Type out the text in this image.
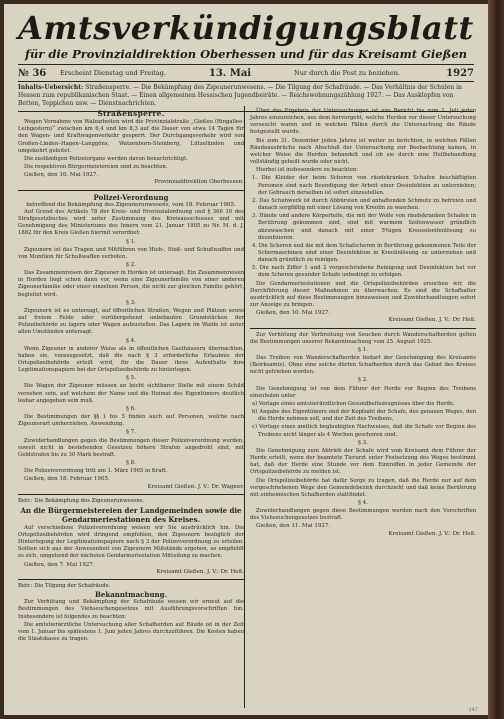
Amtsverkündigungsblatt
für die Provinzialdirektion Oberhessen und für das Kreisamt Gießen
№ 36	Erscheint Dienstag und Freitag.	13. Mai	Nur durch die Post zu beziehen.	1927
Inhalts-Uebersicht: Straßensperre. — Die Bekämpfung des Zigeunerunwesens. — Die Tilgung der Schafräude. — Das Verhältnis der Schulen in Hessen zum republikanischen Staat. — Einen allgemeinen Hessischen Jugendbeiräte. — Reichswohnungszählung 1927. — Das Ausklopfen von Betten, Teppichen usw. — Dienstnachrichten.
Straßensperre.

Wegen Vornahme von Walzarbeiten wird die Provinzialstraße „Gießen (Ringallee-Leihgestern)“ zwischen km 6,4 und km 8,3 auf die Dauer von etwa 14 Tagen für den Wagen- und Kraftwagenverkehr gesperrt. Der Durchgangsverkehr wird von Großen-Linden–Hagen–Langgöns, Watzenborn-Steinberg, Lützellinden und umgekehrt geleitet.

Die zuständigen Polizeiorgane werden davon benachrichtigt.

Die respektiven Bürgermeistereien sind zu beachten.

Gießen, den 10. Mai 1927.

Provinzialdirektion Oberhessen.

Polizei-Verordnung
betreffend die Bekämpfung des Zigeunerunwesens, vom 18. Februar 1905.

Auf Grund des Artikels 78 der Kreis- und Provinzialordnung und § 366 10 des Strafgesetzbuches wird unter Zustimmung des Kreisausschusses und mit Genehmigung des Ministeriums des Innern vom 21. Januar 1905 zu Nr. M. d. J. 1882 für den Kreis Gießen hiermit verordnet:

§ 1.

Zigeunern ist das Tragen und Mitführen von Hieb-, Stoß- und Schußwaffen und von Munition für Schußwaffen verboten.

§ 2.

Das Zusammenreisen der Zigeuner in Horden ist untersagt. Ein Zusammenreisen in Horden liegt schon dann vor, wenn eine Zigeunerfamilie von einer anderen Zigeunerfamilie oder einer einzelnen Person, die nicht zur gleichen Familie gehört, begleitet wird.

§ 3.

Zigeunern ist es untersagt, auf öffentlichen Straßen, Wegen und Plätzen sowie auf freiem Felde oder vorübergehend unbebauten Grundstücken der Polizeibehörde zu lagern oder Wagen aufzustellen. Das Lagern im Walde ist unter allen Umständen untersagt.

§ 4.

Wenn Zigeuner in anderer Weise als in öffentlichen Gasthäusern übernachten, haben sie, vorausgesetzt, daß die nach § 3 erforderliche Erlaubnis der Ortspolizeibehörde erteilt wird, für die Dauer ihres Aufenthalts ihre Legitimationspapiere bei der Ortspolizeibehörde zu hinterlegen.

§ 5.

Die Wagen der Zigeuner müssen an leicht sichtbarer Stelle mit einem Schild versehen sein, auf welchem der Name und die Heimat des Eigentümers deutlich lesbar angegeben sein muß.

§ 6.

Die Bestimmungen der §§ 1 bis 5 finden auch auf Personen, welche nach Zigeunerart umherziehen, Anwendung.

§ 7.

Zuwiderhandlungen gegen die Bestimmungen dieser Polizeiverordnung werden, soweit nicht in bestehenden Gesetzen höhere Strafen angedroht sind, mit Geldstrafen bis zu 30 Mark bestraft.

§ 8.

Die Polizeiverordnung tritt am 1. März 1905 in Kraft.

Gießen, den 18. Februar 1905.

Kreisamt Gießen. J. V.: Dr. Wagner.

Betr.: Die Bekämpfung des Zigeunerunwesens.

An die Bürgermeistereien der Landgemeinden sowie die Gendarmeriestationen des Kreises.

Auf verschiedene Polizeiverordnung weisen wir Sie ausdrücklich hin. Die Ortspolizeibehörden wird dringend empfohlen, den Zigeunern bezüglich der Hinterlegung der Legitimationspapiere nach § 3 der Polizeiverordnung zu erteilen. Sollten sich aus der Anwesenheit von Zigeunern Mißstände ergeben, so empfiehlt es sich, umgehend der nächsten Gendarmeriestation Mitteilung zu machen.

Gießen, den 7. Mai 1927.

Kreisamt Gießen. J. V.: Dr. Heß.

Betr.: Die Tilgung der Schafräude.

Bekanntmachung.

Zur Verhütung und Bekämpfung der Schafräude weisen wir erneut auf die Bestimmungen des Viehseuchengesetzes mit Ausführungsvorschriften hin. Insbesondere ist folgendes zu beachten:

Die amtstierärztliche Untersuchung aller Schafherden auf Räude ist in der Zeit vom 1. Januar bis spätestens 1. Juni jeden Jahres durchzuführen. Die Kosten haben die Staatskasse zu tragen.

Über das Ergebnis der Untersuchungen ist uns Bericht bis zum 1. Juli jeden Jahres einzureichen, aus dem hervorgeht, welche Herden vor dieser Untersuchung verseucht waren und in welchen Fällen durch die Untersuchung die Räude festgestellt wurde.

Bis zum 31. Dezember jeden Jahres ist weiter zu berichten, in welchen Fällen Räudeausbrüche nach Abschluß der Untersuchung zur Beobachtung kamen, in welcher Weise die Herden behandelt und ob sie durch eine Heilbehandlung vollständig geheilt wurde oder nicht.

Hierbei ist insbesondere zu beachten:

1. Die Kleider der beim Scheren von räudekranken Schafen beschäftigten Personen sind nach Beendigung der Arbeit einer Desinfektion zu unterziehen; der Gebrauch derselben ist sofort einzustellen.

2. Das Schuhwerk ist durch Abbürsten und anhaftenden Schmutz zu befreien und danach sorgfältig mit einer Lösung von Kreolin zu waschen.

3. Hände und andere Körperteile, die mit der Wolle von räudekranken Schafen in Berührung gekommen sind, sind mit warmem Seifenwasser gründlich abzuwaschen und danach mit einer 5%igen Kreosolseifenlösung zu desinfizieren.

4. Die Scheren und die mit dem Schafscheren in Berührung gekommenen Teile der Schermaschinen sind einer Desinfektion in Kreolinlösung zu unterziehen und danach gründlich zu reinigen.

5. Die nach Ziffer 1 und 2 vorgeschriebene Reinigung und Desinfektion hat vor dem Scheren gesunder Schafe unbedingt zu erfolgen.

Die Gendarmeriestationen und die Ortspolizeibehörden ersuchen wir, die Durchführung dieser Maßnahmen zu überwachen. Es sind die Schafhalter ausdrücklich auf diese Bestimmungen hinzuweisen und Zuwiderhandlungen sofort zur Anzeige zu bringen.

Gießen, den 10. Mai 1927.

Kreisamt Gießen. J. V.: Dr. Heß.

Zur Verhütung der Verbreitung von Seuchen durch Wanderschafherden gelten die Bestimmungen unserer Bekanntmachung vom 25. August 1925.

§ 1.

Das Treiben von Wanderschafherden bedarf der Genehmigung des Kreisamts (Beirksamts). Ohne eine solche dürfen Schafherden durch das Gebiet des Kreises nicht getrieben werden.

§ 2.

Die Genehmigung ist von dem Führer der Herde vor Beginn des Treibens einzuholen unter

a) Vorlage eines amtstierärztlichen Gesundheitszeugnisses über die Herde,

b) Angabe des Eigentümers und der Kopfzahl der Schafe, des genauen Weges, den die Herde nehmen soll, und der Zeit des Treibens,

c) Vorlage eines amtlich beglaubigten Nachweises, daß die Schafe vor Beginn des Treibens nicht länger als 4 Wochen geschoren sind.

§ 3.

Die Genehmigung zum Abtrieb der Schafe wird vom Kreisamt dem Führer der Herde erteilt, wenn der beamtete Tierarzt unter Festsetzung des Weges bestimmt hat, daß der Herde eine Stunde vor dem Eintreffen in jeder Gemeinde der Ortspolizeibehörde zu melden ist.

Die Ortspolizeibehörde hat dafür Sorge zu tragen, daß die Herde nur auf dem vorgeschriebenen Wege den Gemeindebezirk durchzieht und daß keine Berührung mit einheimischen Schafherden stattfindet.

§ 4.

Zuwiderhandlungen gegen diese Bestimmungen werden nach den Vorschriften des Viehseuchengesetzes bestraft.

Gießen, den 11. Mai 1927.

Kreisamt Gießen. J. V.: Dr. Heß.

147
